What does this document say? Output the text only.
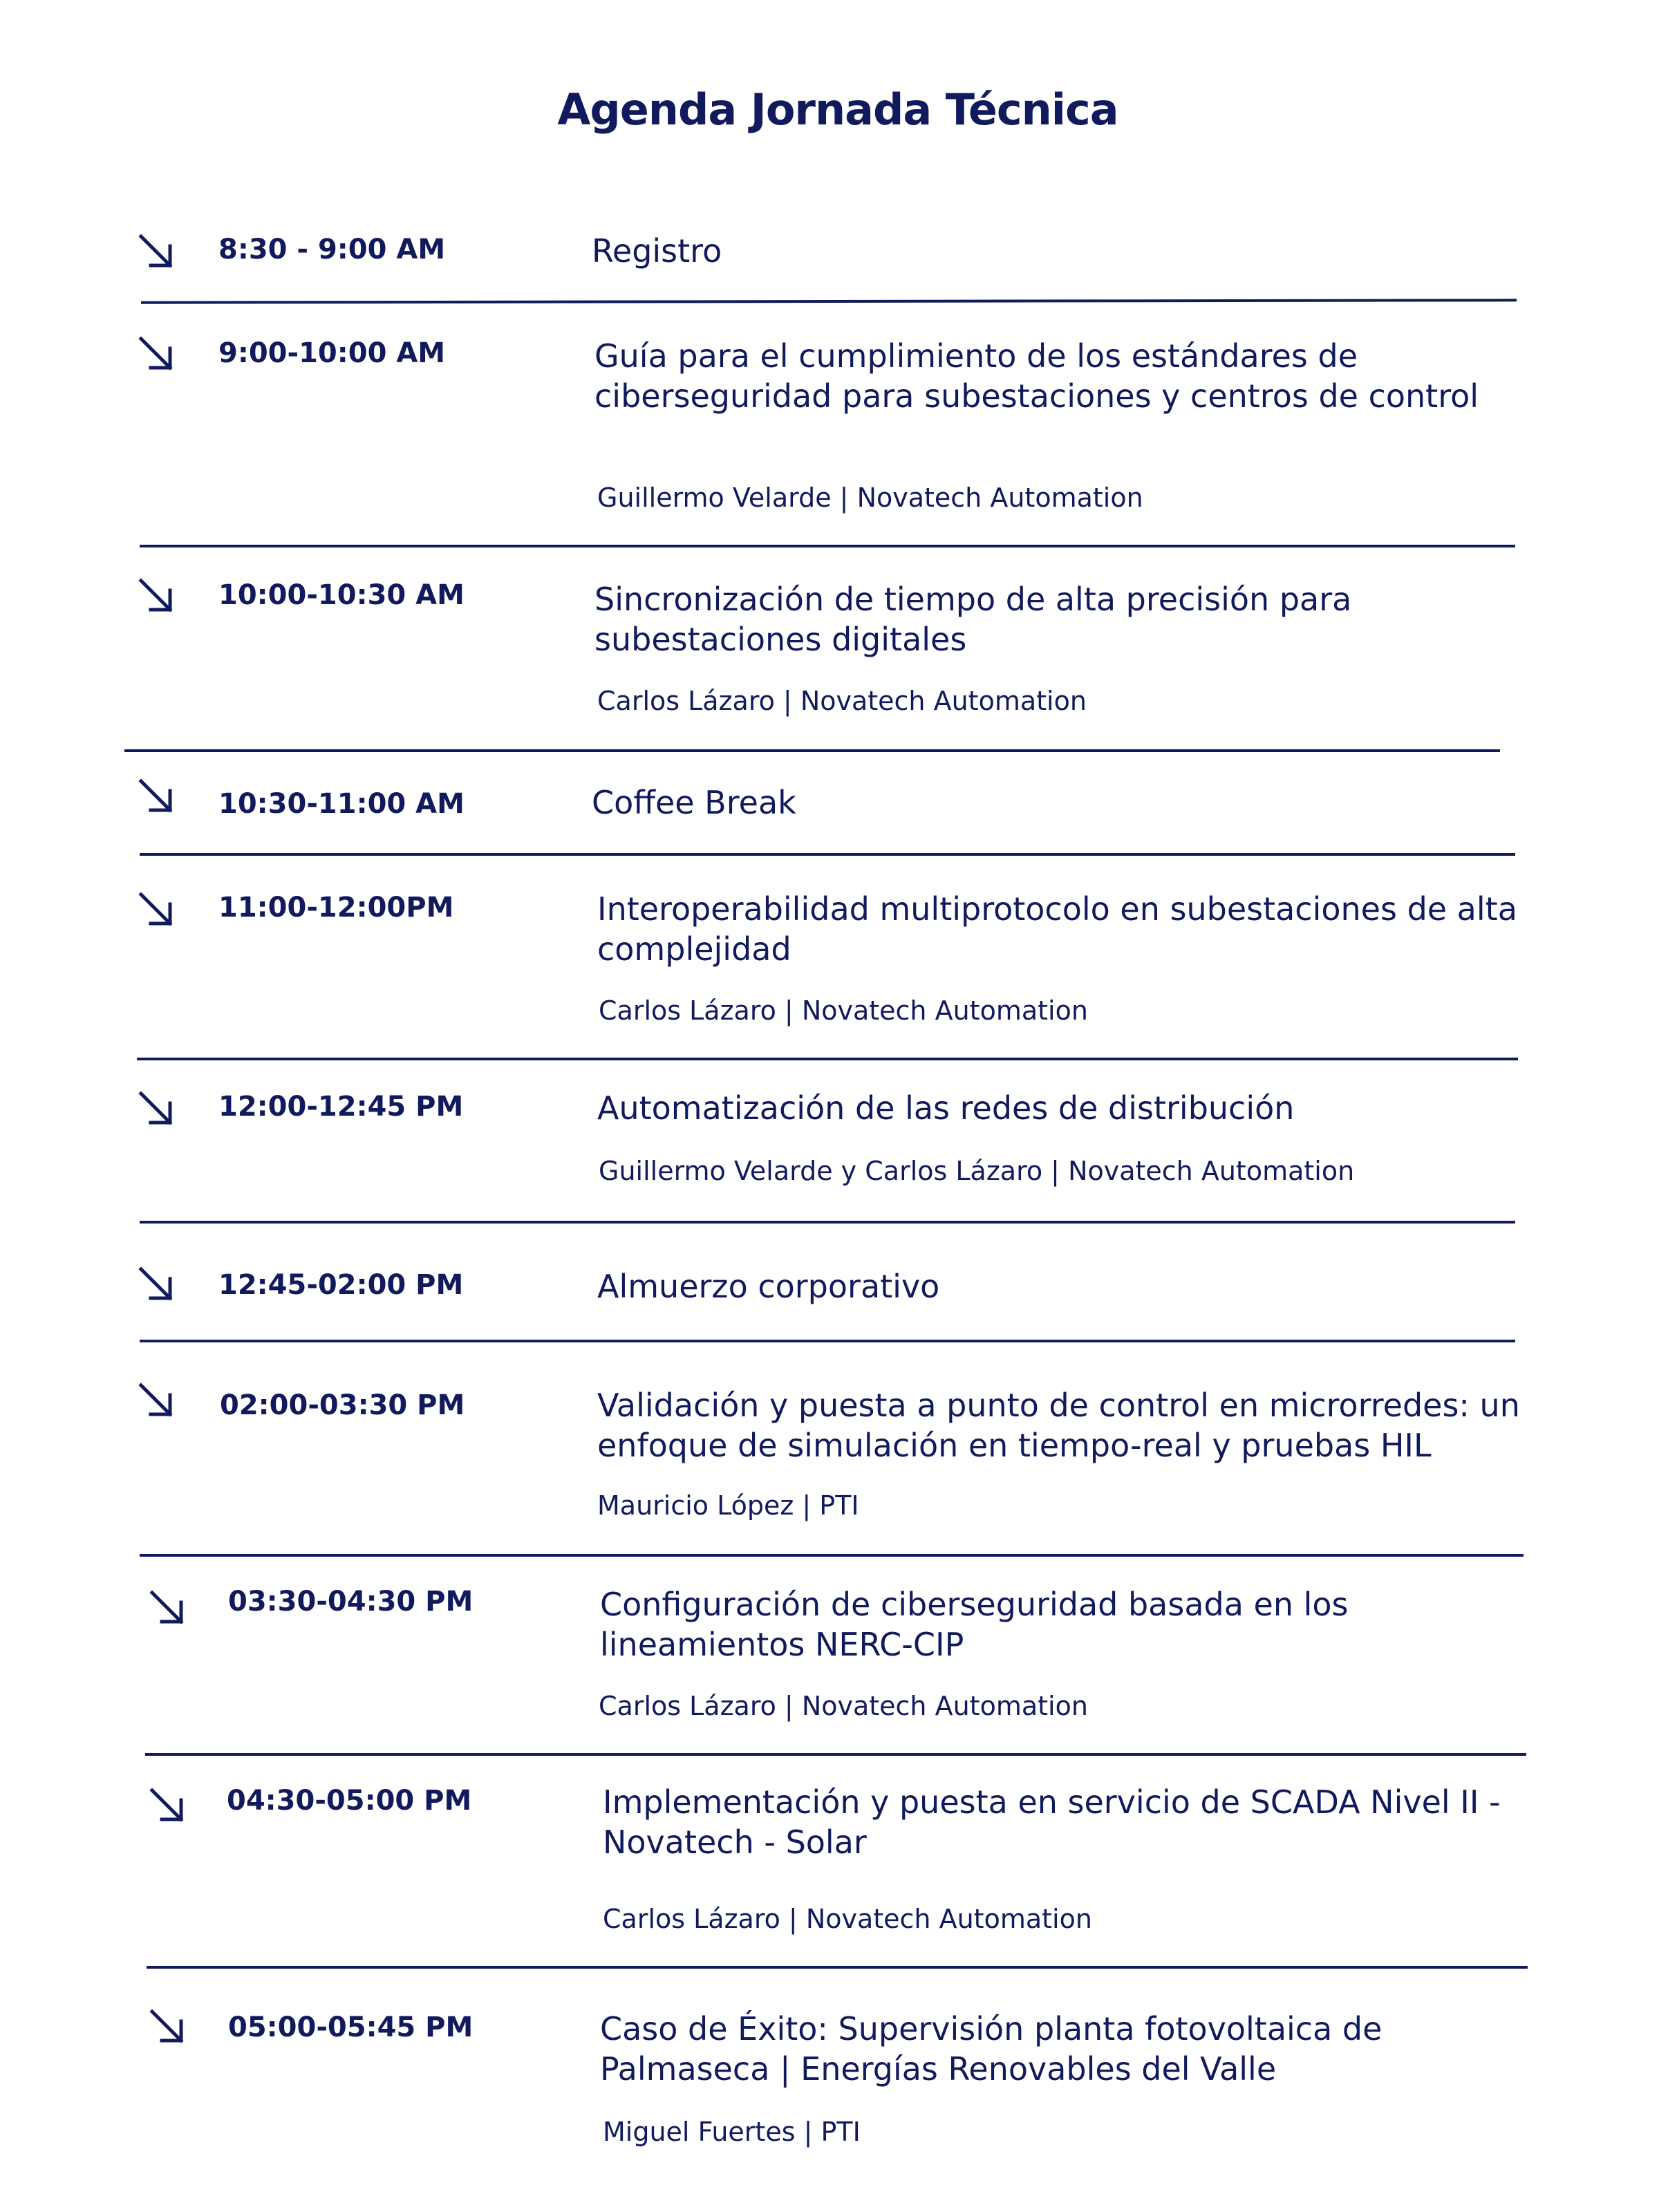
Agenda Jornada Técnica
8:30 - 9:00 AM	Registro
9:00-10:00 AM	Guía para el cumplimiento de los estándares de ciberseguridad para subestaciones y centros de control
Guillermo Velarde | Novatech Automation
10:00-10:30 AM	Sincronización de tiempo de alta precisión para subestaciones digitales
Carlos Lázaro | Novatech Automation
10:30-11:00 AM	Coffee Break
11:00-12:00PM	Interoperabilidad multiprotocolo en subestaciones de alta complejidad
Carlos Lázaro | Novatech Automation
12:00-12:45 PM	Automatización de las redes de distribución
Guillermo Velarde y Carlos Lázaro | Novatech Automation
12:45-02:00 PM	Almuerzo corporativo
02:00-03:30 PM	Validación y puesta a punto de control en microrredes: un enfoque de simulación en tiempo-real y pruebas HIL
Mauricio López | PTI
03:30-04:30 PM	Configuración de ciberseguridad basada en los lineamientos NERC-CIP
Carlos Lázaro | Novatech Automation
04:30-05:00 PM	Implementación y puesta en servicio de SCADA Nivel II - Novatech - Solar
Carlos Lázaro | Novatech Automation
05:00-05:45 PM	Caso de Éxito: Supervisión planta fotovoltaica de Palmaseca | Energías Renovables del Valle
Miguel Fuertes | PTI
